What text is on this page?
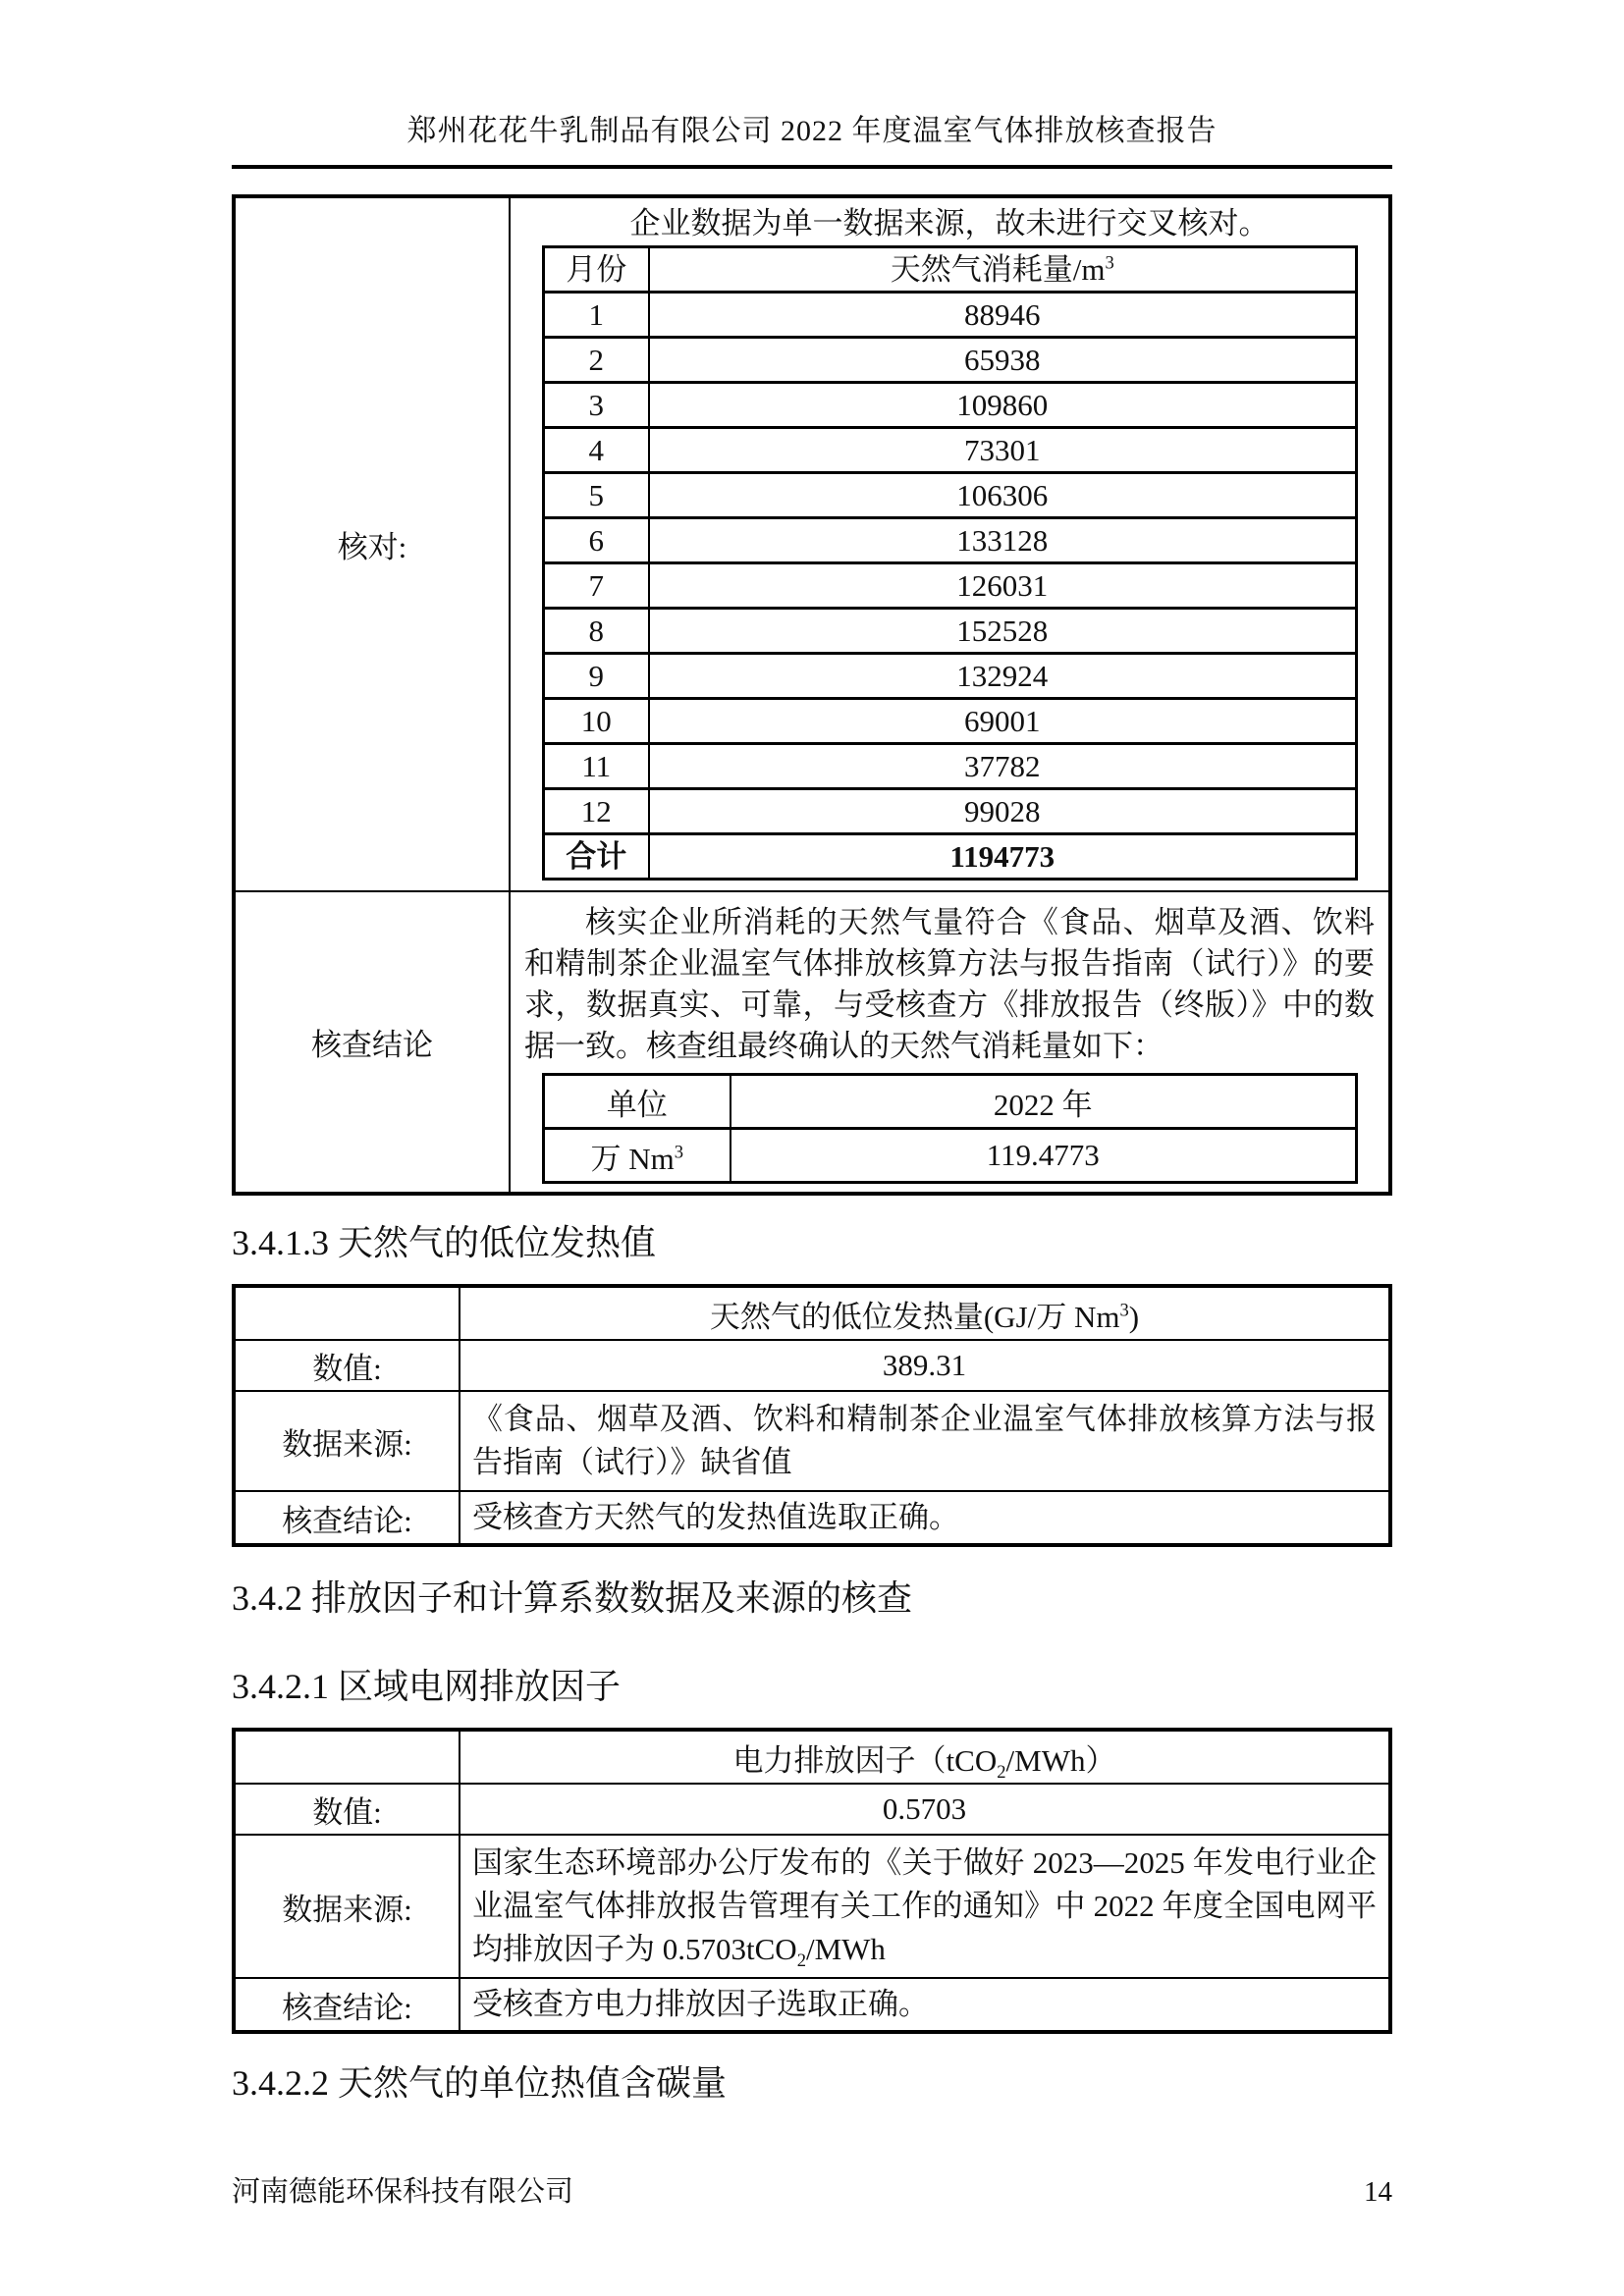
郑州花花牛乳制品有限公司 2022 年度温室气体排放核查报告
核对:	
企业数据为单一数据来源，故未进行交叉核对。
月份	天然气消耗量$/m^3$
1	88946
2	65938
3	109860
4	73301
5	106306
6	133128
7	126031
8	152528
9	132924
10	69001
11	37782
12	99028
合计	1194773

核查结论	
核实企业所消耗的天然气量符合《食品、烟草及酒、饮料和精制茶企业温室气体排放核算方法与报告指南（试行）》的要求，数据真实、可靠，与受核查方《排放报告（终版）》中的数据一致。核查组最终确认的天然气消耗量如下：
单位	2022 年
万 Nm$^3$	119.4773
3.4.1.3 天然气的低位发热值
	天然气的低位发热量(GJ/万 Nm$^3$)
数值:	389.31
数据来源:	《食品、烟草及酒、饮料和精制茶企业温室气体排放核算方法与报告指南（试行）》缺省值
核查结论:	受核查方天然气的发热值选取正确。
3.4.2 排放因子和计算系数数据及来源的核查
3.4.2.1 区域电网排放因子
	电力排放因子（tCO$_2$/MWh）
数值:	0.5703
数据来源:	国家生态环境部办公厅发布的《关于做好 2023—2025 年发电行业企业温室气体排放报告管理有关工作的通知》中 2022 年度全国电网平均排放因子为 0.5703tCO$_2$/MWh
核查结论:	受核查方电力排放因子选取正确。
3.4.2.2 天然气的单位热值含碳量
河南德能环保科技有限公司	14
